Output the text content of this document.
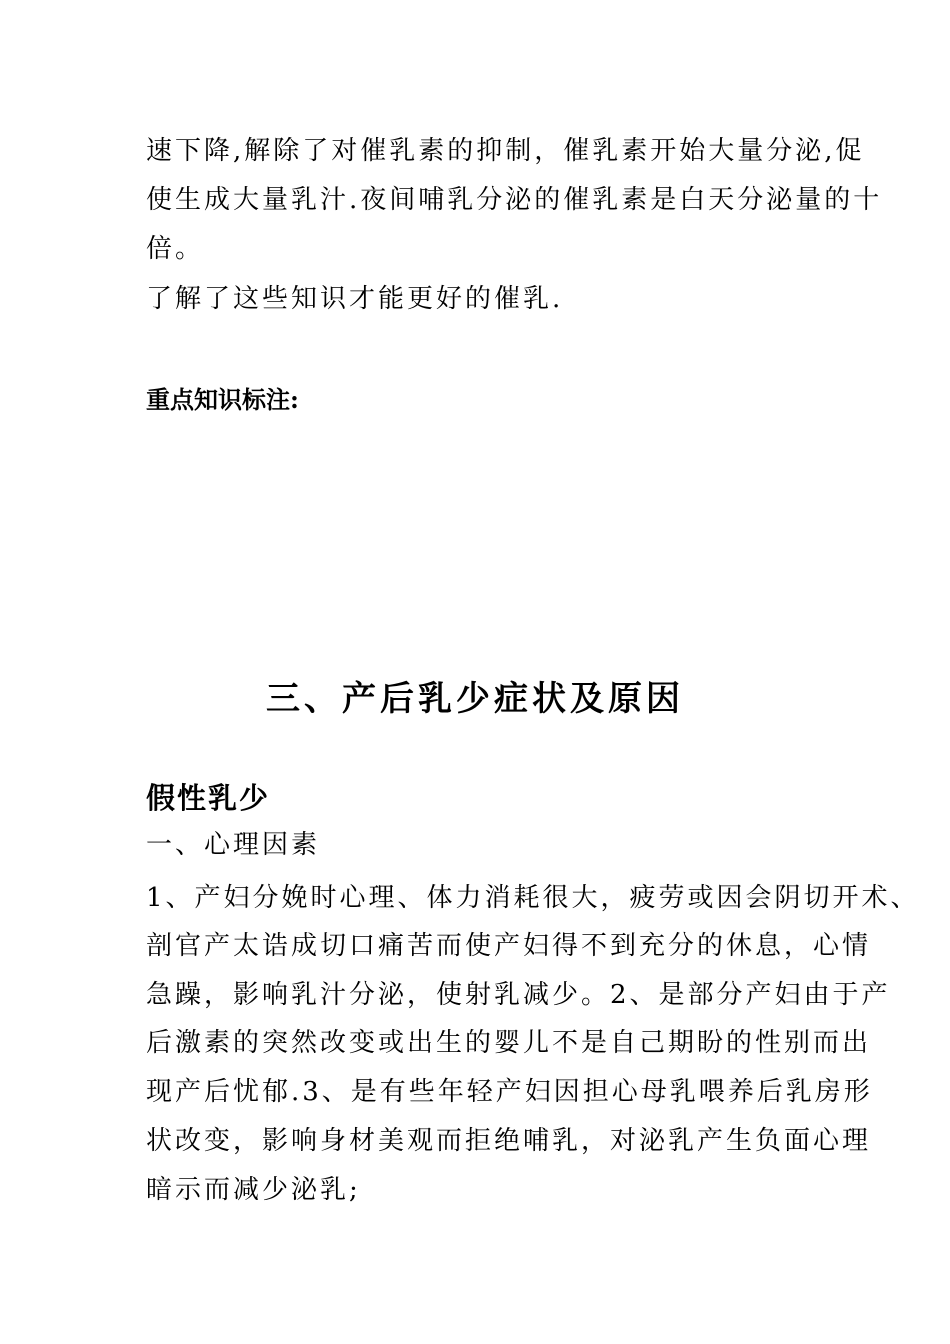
速下降,解除了对催乳素的抑制，催乳素开始大量分泌,促
使生成大量乳汁.夜间哺乳分泌的催乳素是白天分泌量的十
倍。
了解了这些知识才能更好的催乳.
重点知识标注:
三、产后乳少症状及原因
假性乳少
一、心理因素
1、产妇分娩时心理、体力消耗很大，疲劳或因会阴切开术、
剖官产太诰成切口痛苦而使产妇得不到充分的休息，心情
急躁，影响乳汁分泌，使射乳减少。2、是部分产妇由于产
后激素的突然改变或出生的婴儿不是自己期盼的性别而出
现产后忧郁.3、是有些年轻产妇因担心母乳喂养后乳房形
状改变，影响身材美观而拒绝哺乳，对泌乳产生负面心理
暗示而减少泌乳;
